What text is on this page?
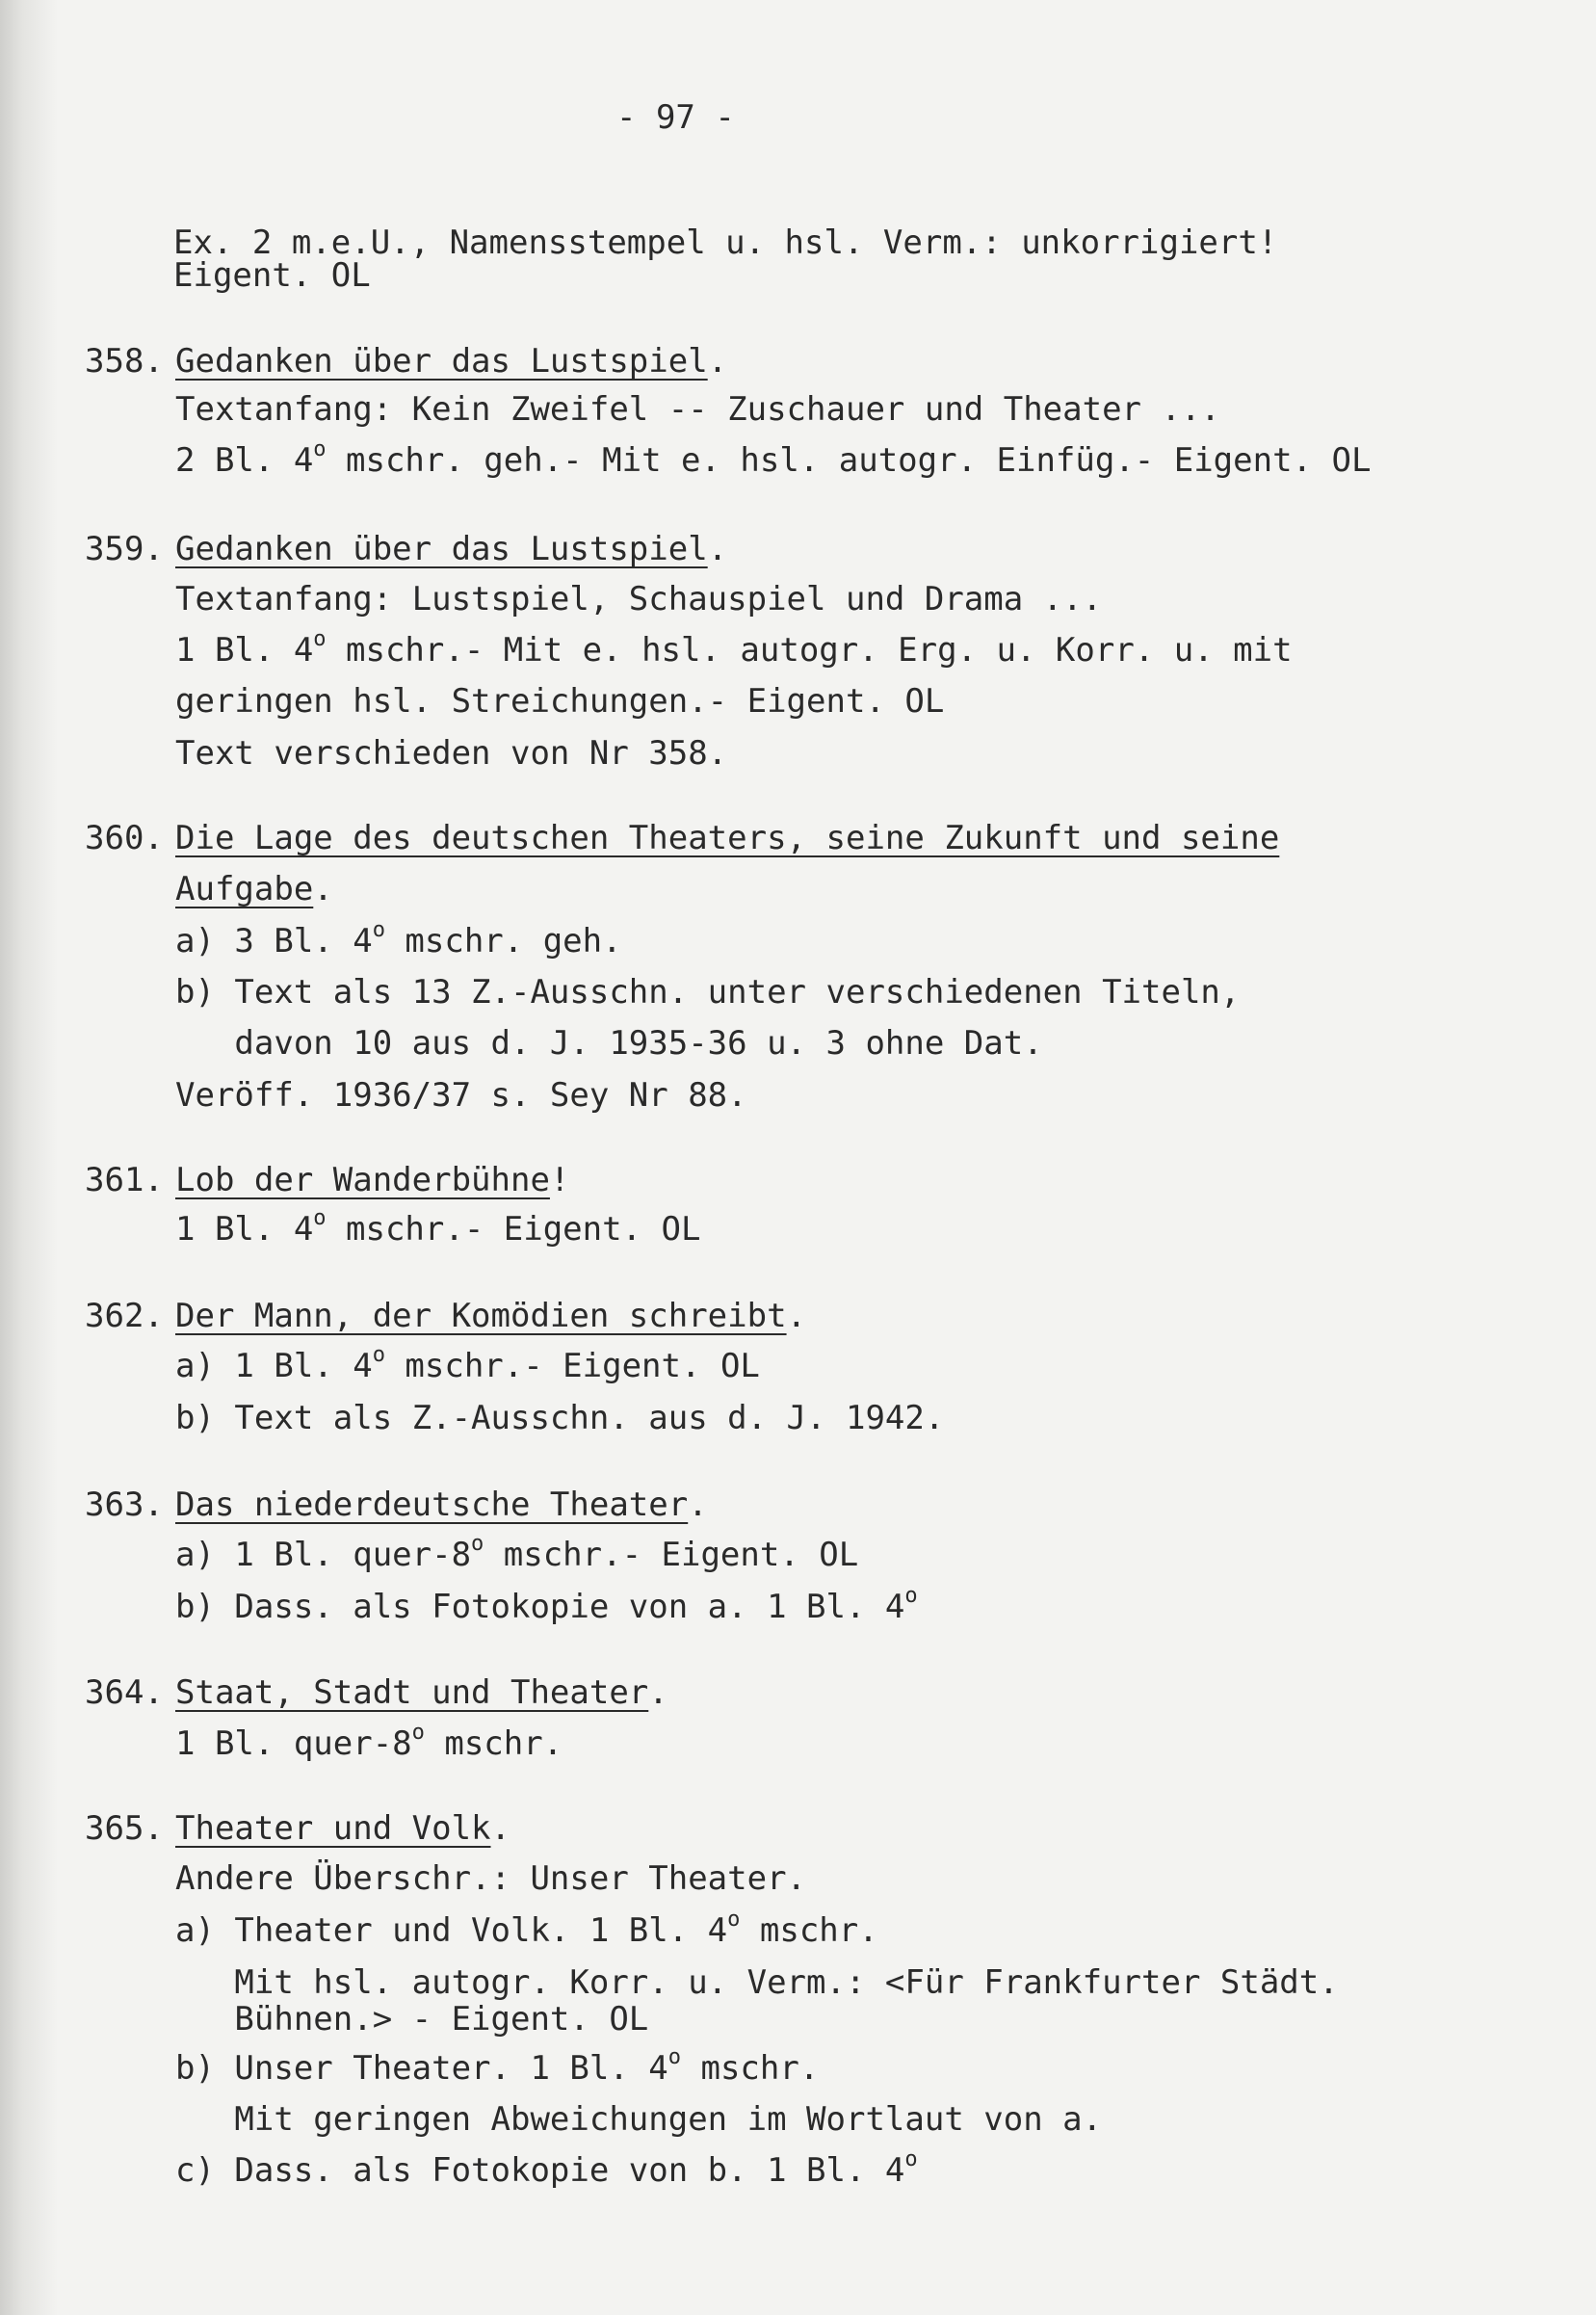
- 97 -
Ex. 2 m.e.U., Namensstempel u. hsl. Verm.: unkorrigiert!
Eigent. OL
358. Gedanken über das Lustspiel.
Textanfang: Kein Zweifel -- Zuschauer und Theater ...
2 Bl. 4$^o$ mschr. geh.- Mit e. hsl. autogr. Einfüg.- Eigent. OL
359. Gedanken über das Lustspiel.
Textanfang: Lustspiel, Schauspiel und Drama ...
1 Bl. 4$^o$ mschr.- Mit e. hsl. autogr. Erg. u. Korr. u. mit
geringen hsl. Streichungen.- Eigent. OL
Text verschieden von Nr 358.
360. Die Lage des deutschen Theaters, seine Zukunft und seine
Aufgabe.
a) 3 Bl. 4$^o$ mschr. geh.
b) Text als 13 Z.-Ausschn. unter verschiedenen Titeln,
davon 10 aus d. J. 1935-36 u. 3 ohne Dat.
Veröff. 1936/37 s. Sey Nr 88.
361. Lob der Wanderbühne!
1 Bl. 4$^o$ mschr.- Eigent. OL
362. Der Mann, der Komödien schreibt.
a) 1 Bl. 4$^o$ mschr.- Eigent. OL
b) Text als Z.-Ausschn. aus d. J. 1942.
363. Das niederdeutsche Theater.
a) 1 Bl. quer-8$^o$ mschr.- Eigent. OL
b) Dass. als Fotokopie von a. 1 Bl. 4$^o$
364. Staat, Stadt und Theater.
1 Bl. quer-8$^o$ mschr.
365. Theater und Volk.
Andere Überschr.: Unser Theater.
a) Theater und Volk. 1 Bl. 4$^o$ mschr.
Mit hsl. autogr. Korr. u. Verm.: <Für Frankfurter Städt.
Bühnen.> - Eigent. OL
b) Unser Theater. 1 Bl. 4$^o$ mschr.
Mit geringen Abweichungen im Wortlaut von a.
c) Dass. als Fotokopie von b. 1 Bl. 4$^o$
